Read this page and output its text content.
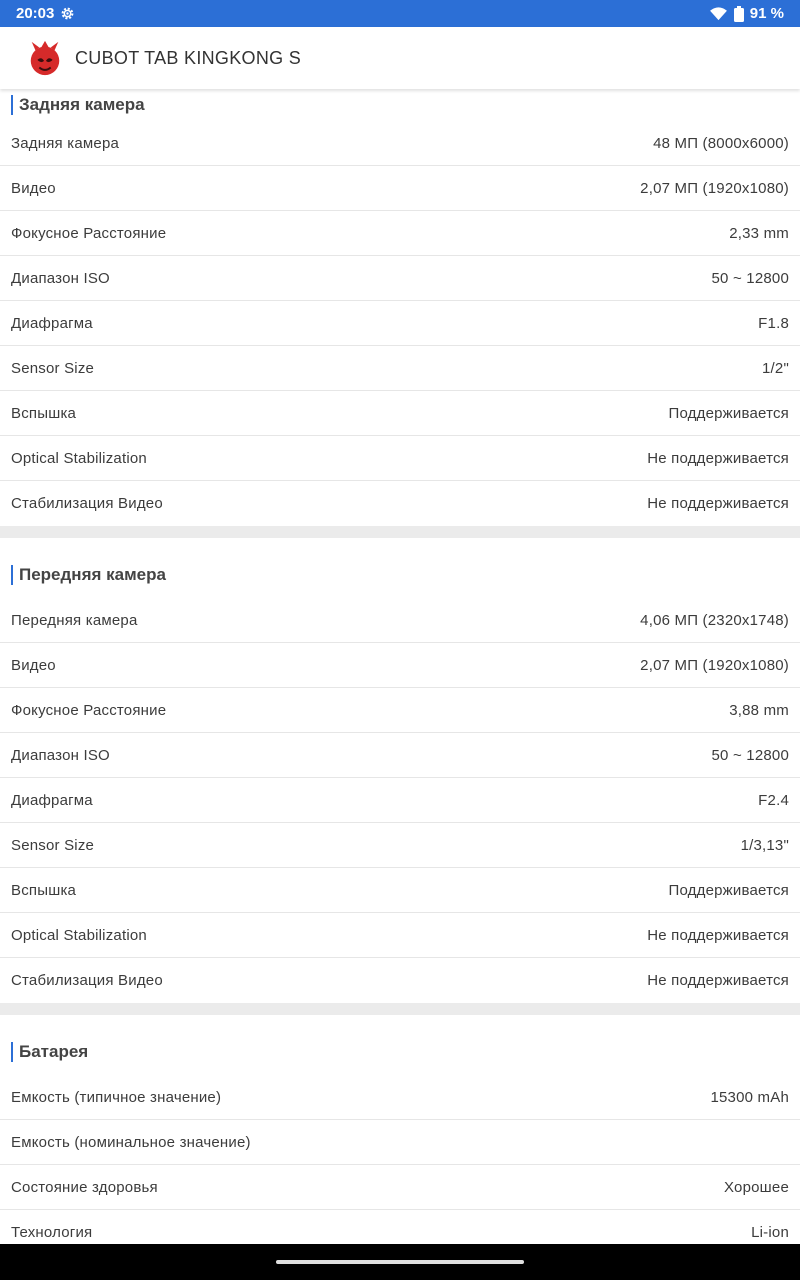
20:03	91 %
CUBOT TAB KINGKONG S
Задняя камера
Задняя камера	48 МП (8000x6000)
Видео	2,07 МП (1920x1080)
Фокусное Расстояние	2,33 mm
Диапазон ISO	50 ~ 12800
Диафрагма	F1.8
Sensor Size	1/2"
Вспышка	Поддерживается
Optical Stabilization	Не поддерживается
Стабилизация Видео	Не поддерживается
Передняя камера
Передняя камера	4,06 МП (2320x1748)
Видео	2,07 МП (1920x1080)
Фокусное Расстояние	3,88 mm
Диапазон ISO	50 ~ 12800
Диафрагма	F2.4
Sensor Size	1/3,13"
Вспышка	Поддерживается
Optical Stabilization	Не поддерживается
Стабилизация Видео	Не поддерживается
Батарея
Емкость (типичное значение)	15300 mAh
Емкость (номинальное значение)
Состояние здоровья	Хорошее
Технология	Li-ion
